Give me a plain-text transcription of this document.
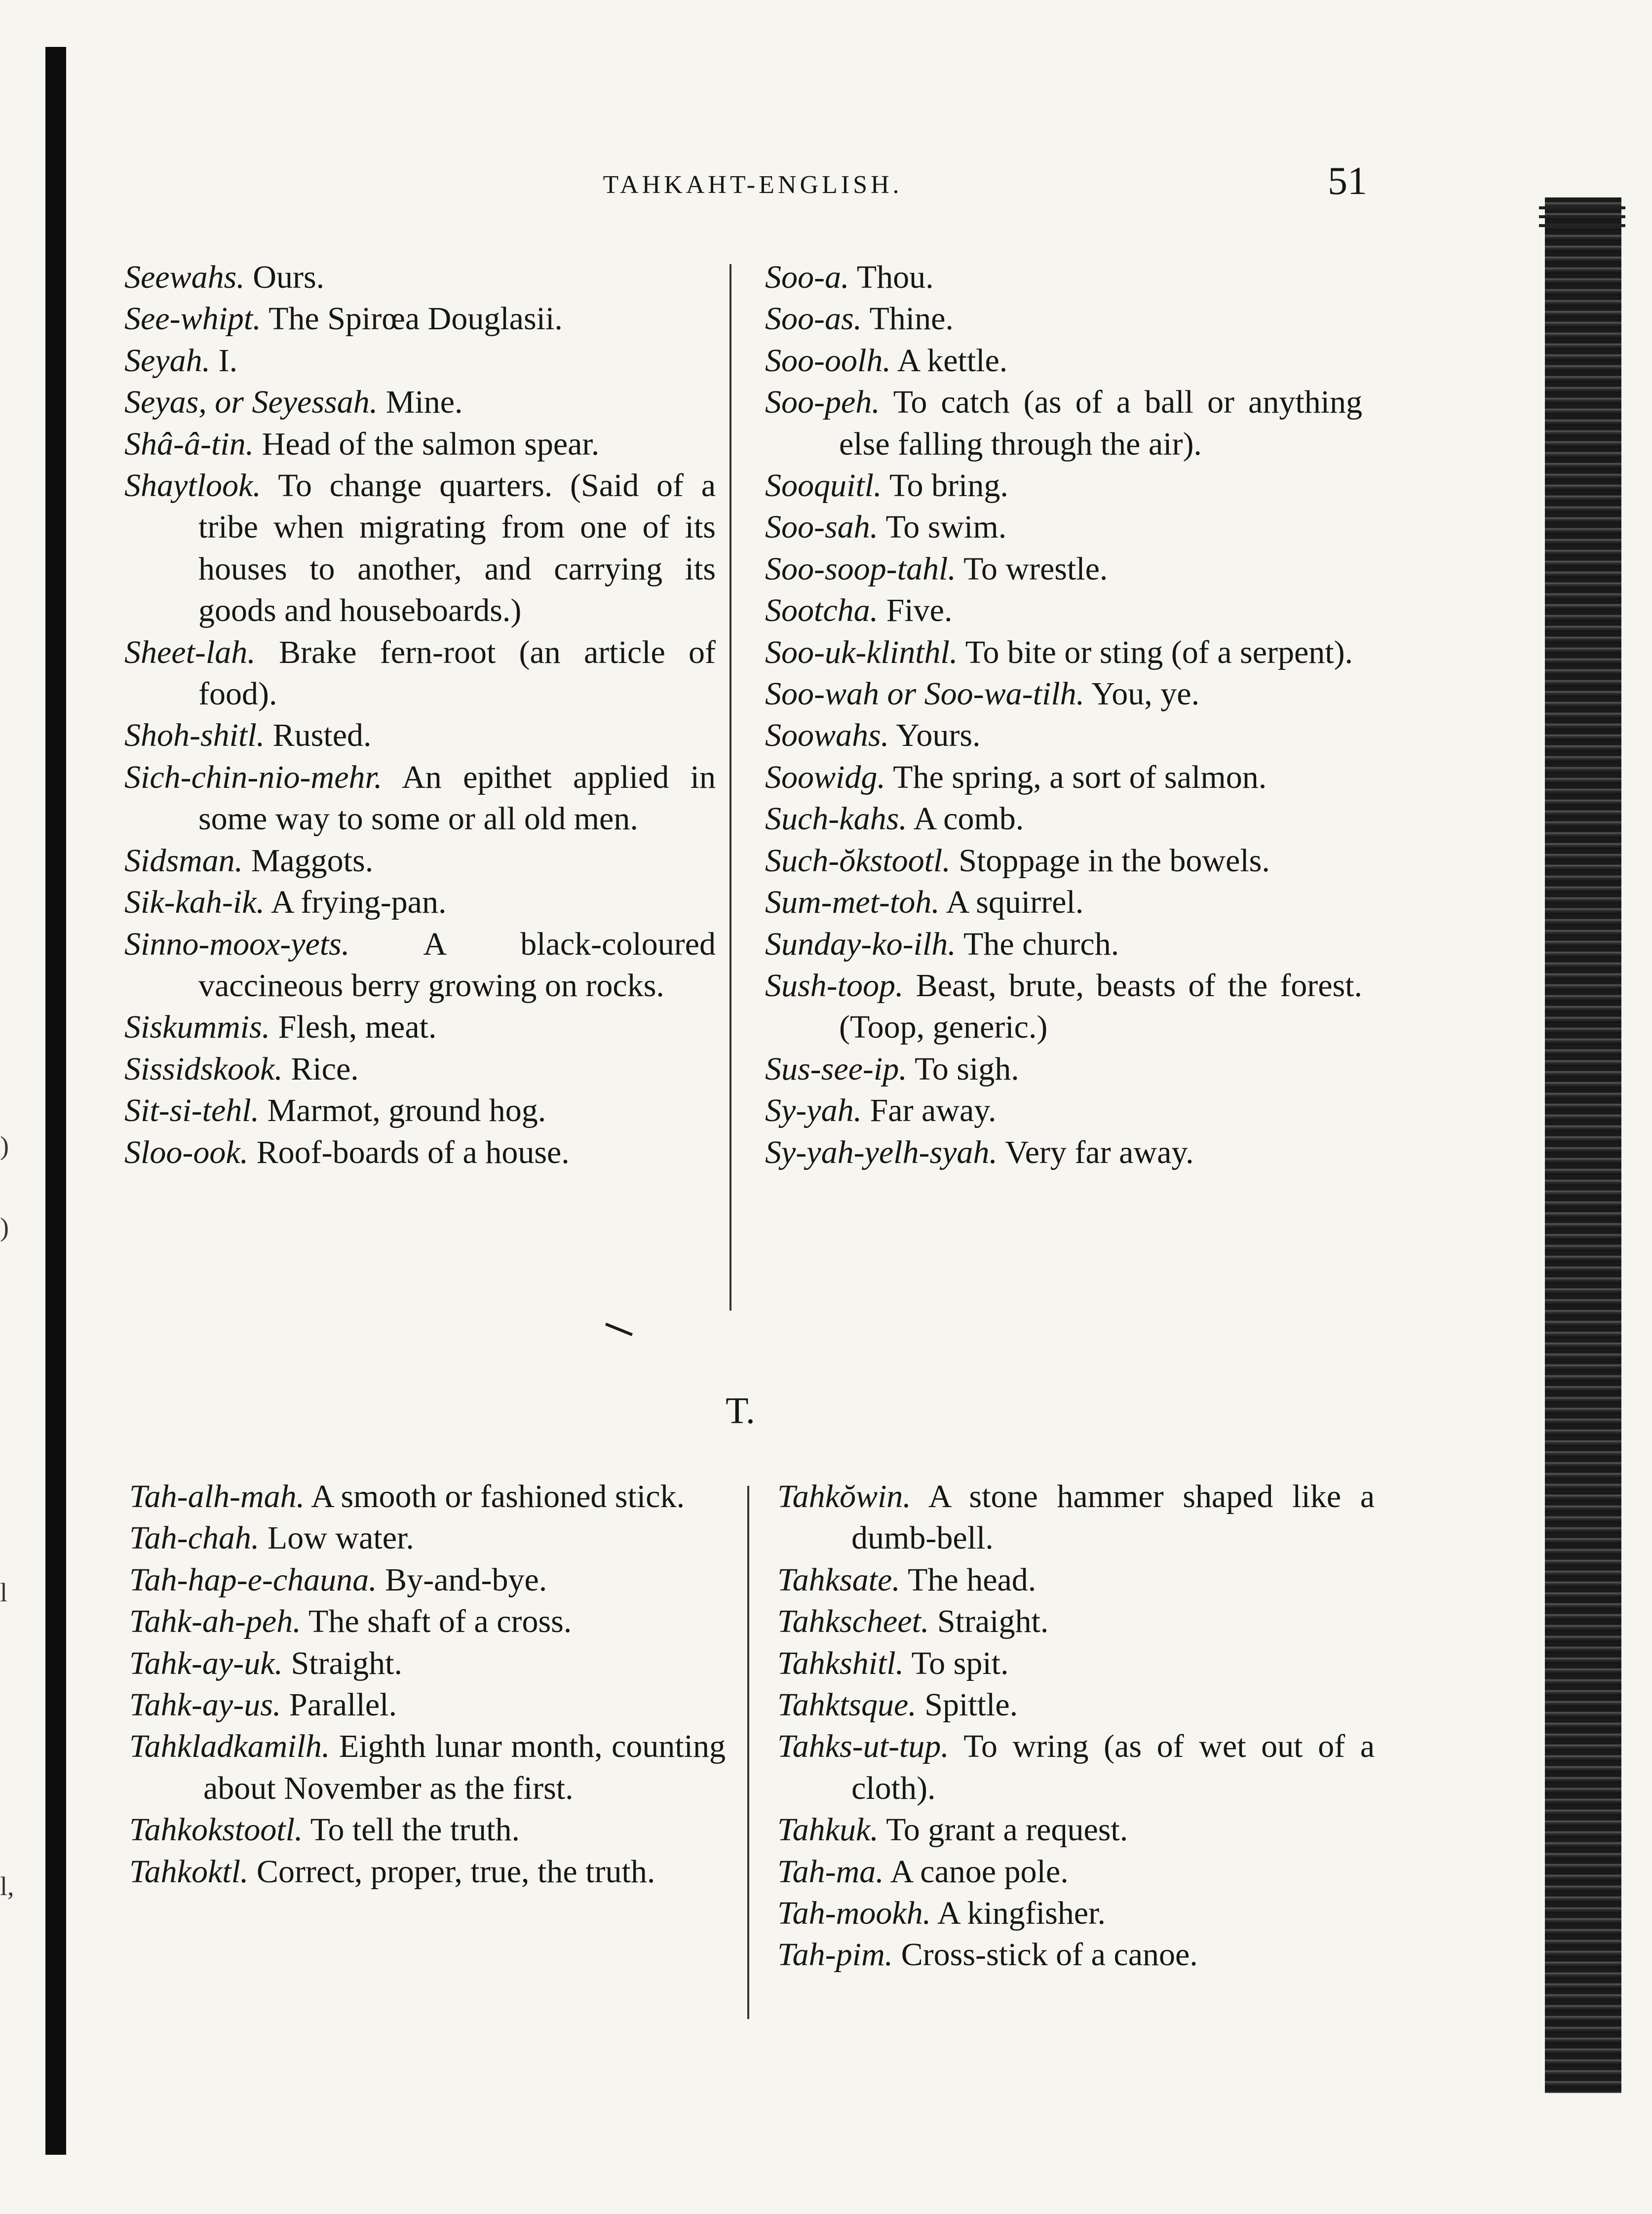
)
)
l
l,
TAHKAHT-ENGLISH.	51
Seewahs. Ours.
See-whipt. The Spirœa Douglasii.
Seyah. I.
Seyas, or Seyessah. Mine.
Shâ-â-tin. Head of the salmon spear.
Shaytlook. To change quarters. (Said of a tribe when migrating from one of its houses to another, and carrying its goods and houseboards.)
Sheet-lah. Brake fern-root (an article of food).
Shoh-shitl. Rusted.
Sich-chin-nio-mehr. An epithet applied in some way to some or all old men.
Sidsman. Maggots.
Sik-kah-ik. A frying-pan.
Sinno-moox-yets. A black-coloured vaccineous berry growing on rocks.
Siskummis. Flesh, meat.
Sissidskook. Rice.
Sit-si-tehl. Marmot, ground hog.
Sloo-ook. Roof-boards of a house.
Soo-a. Thou.
Soo-as. Thine.
Soo-oolh. A kettle.
Soo-peh. To catch (as of a ball or anything else falling through the air).
Sooquitl. To bring.
Soo-sah. To swim.
Soo-soop-tahl. To wrestle.
Sootcha. Five.
Soo-uk-klinthl. To bite or sting (of a serpent).
Soo-wah or Soo-wa-tilh. You, ye.
Soowahs. Yours.
Soowidg. The spring, a sort of salmon.
Such-kahs. A comb.
Such-ŏkstootl. Stoppage in the bowels.
Sum-met-toh. A squirrel.
Sunday-ko-ilh. The church.
Sush-toop. Beast, brute, beasts of the forest. (Toop, generic.)
Sus-see-ip. To sigh.
Sy-yah. Far away.
Sy-yah-yelh-syah. Very far away.
T.
Tah-alh-mah. A smooth or fashioned stick.
Tah-chah. Low water.
Tah-hap-e-chauna. By-and-bye.
Tahk-ah-peh. The shaft of a cross.
Tahk-ay-uk. Straight.
Tahk-ay-us. Parallel.
Tahkladkamilh. Eighth lunar month, counting about November as the first.
Tahkokstootl. To tell the truth.
Tahkoktl. Correct, proper, true, the truth.
Tahkŏwin. A stone hammer shaped like a dumb-bell.
Tahksate. The head.
Tahkscheet. Straight.
Tahkshitl. To spit.
Tahktsque. Spittle.
Tahks-ut-tup. To wring (as of wet out of a cloth).
Tahkuk. To grant a request.
Tah-ma. A canoe pole.
Tah-mookh. A kingfisher.
Tah-pim. Cross-stick of a canoe.
